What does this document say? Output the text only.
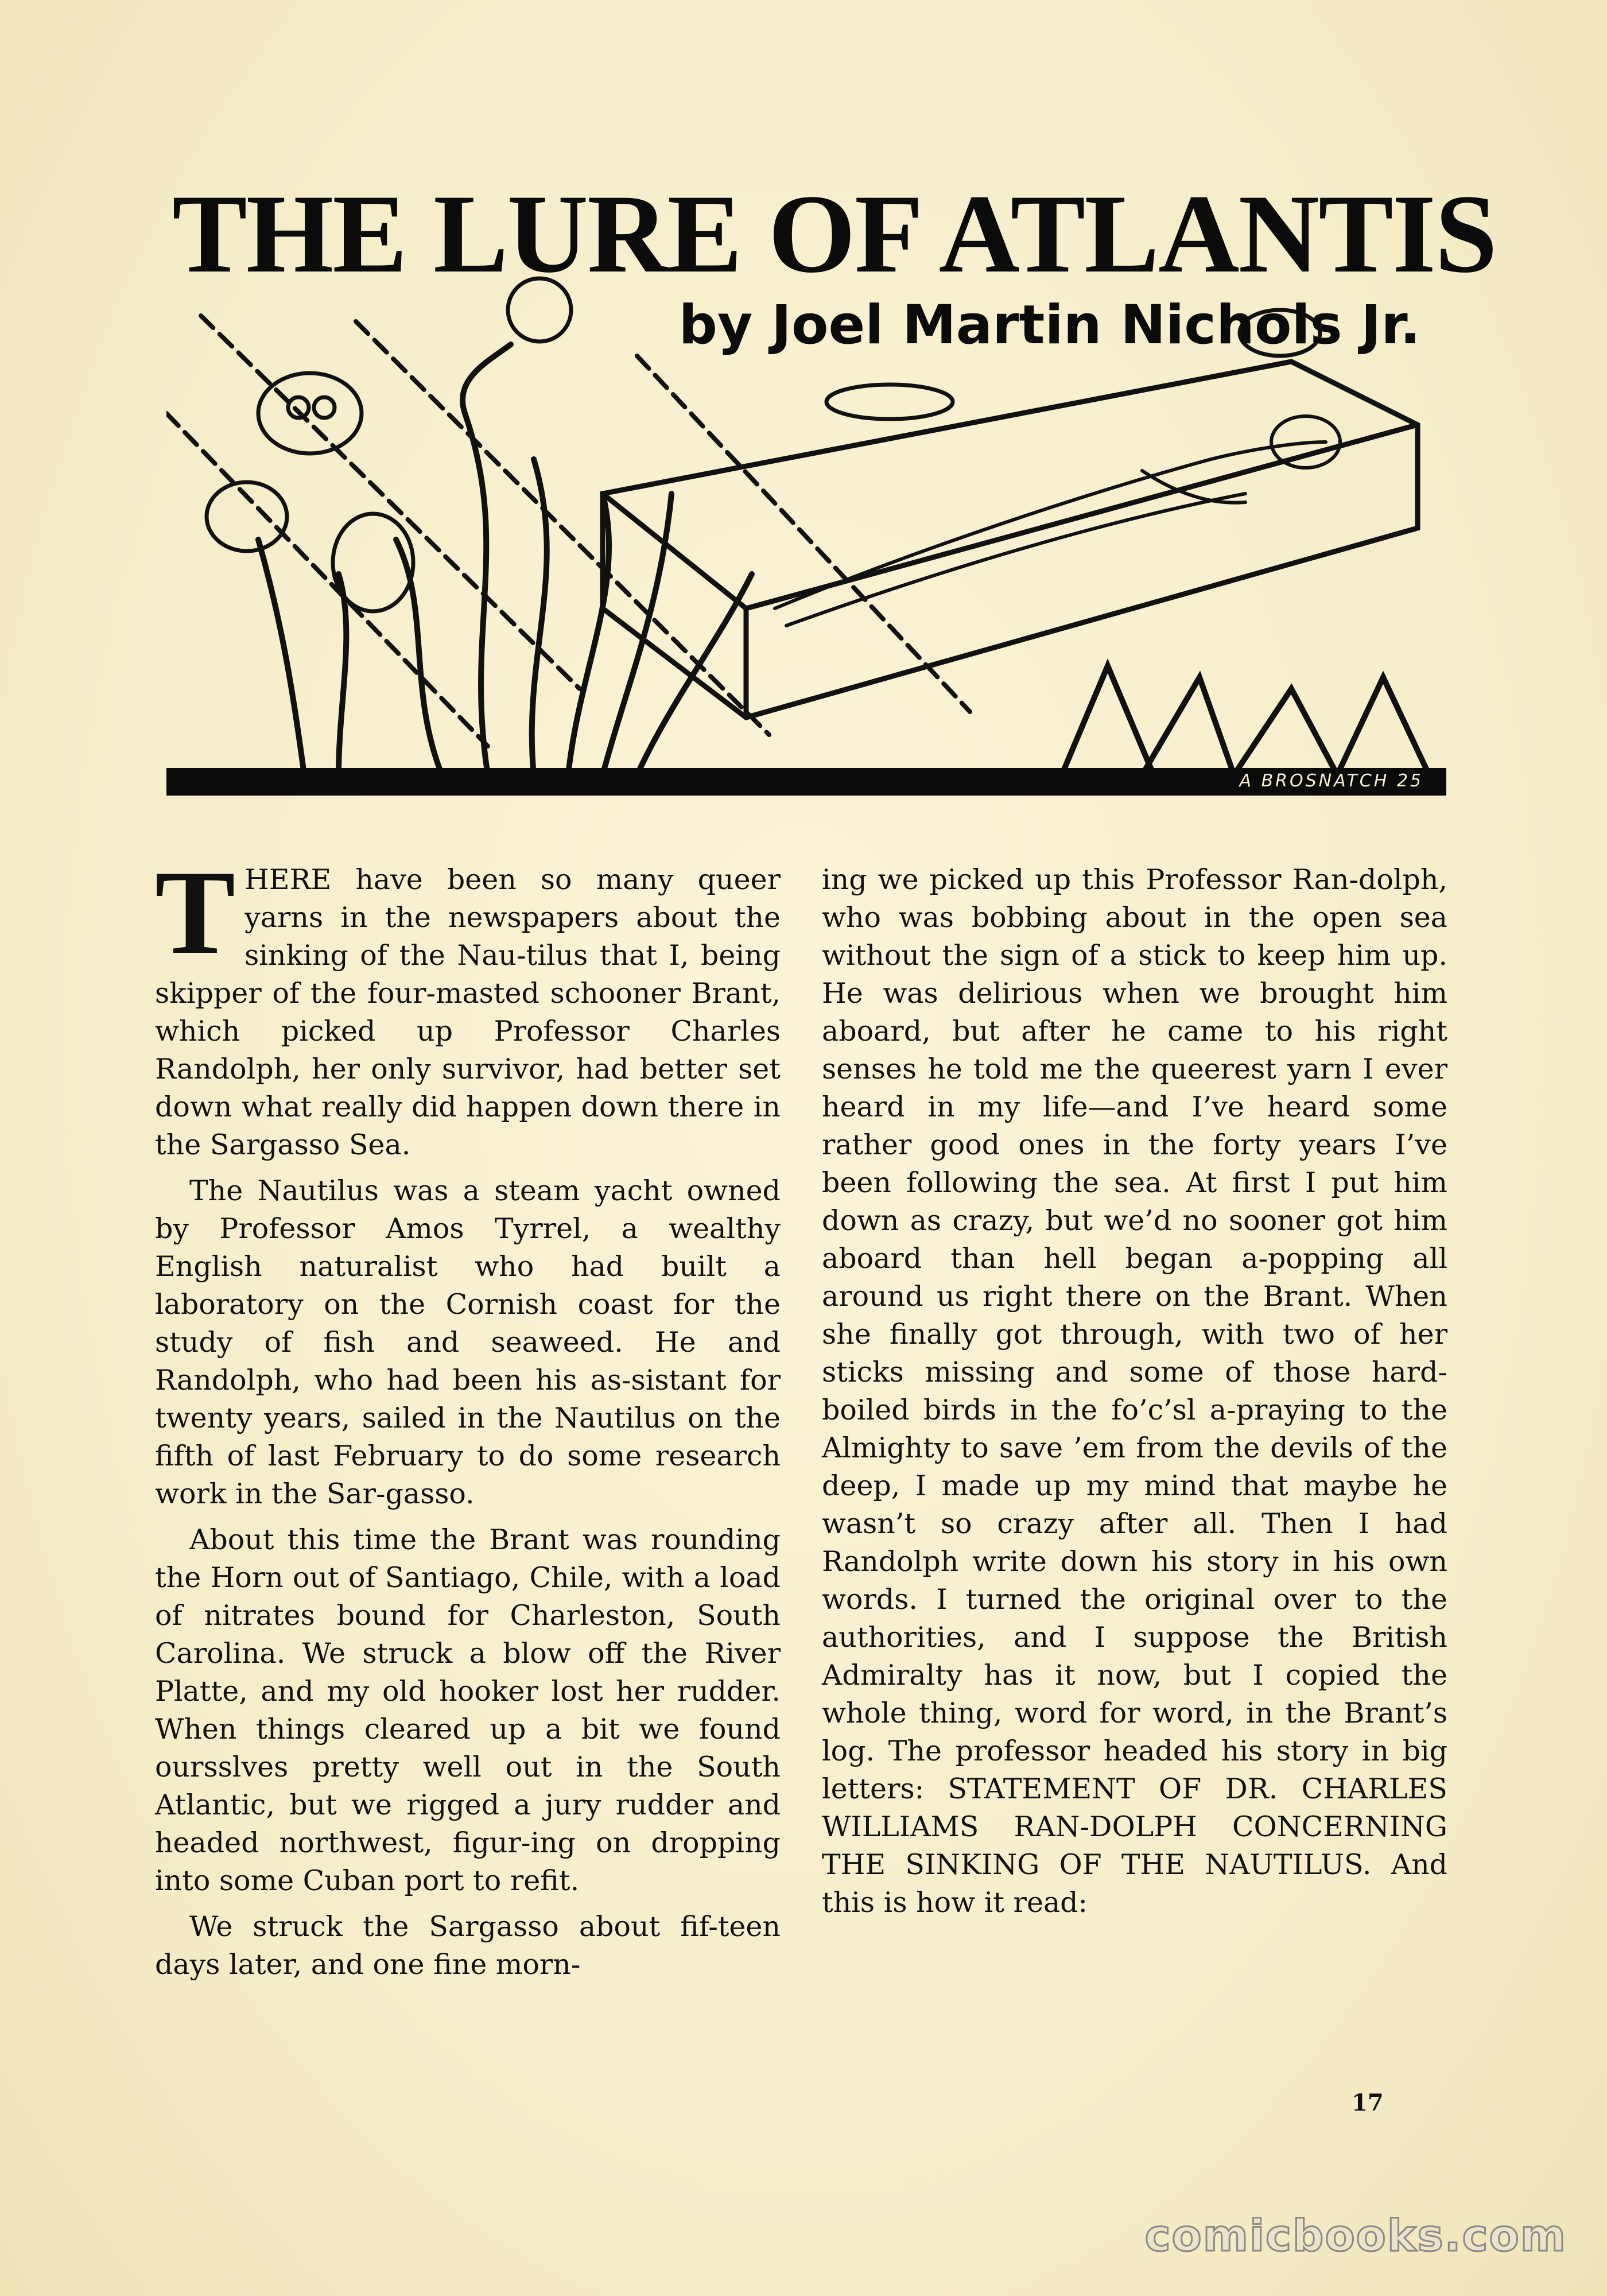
THE LURE OF ATLANTIS
by Joel Martin Nichols Jr.
A BROSNATCH 25

THERE have been so many queer yarns in the newspapers about the sinking of the Nau-tilus that I, being skipper of the four-masted schooner Brant, which picked up Professor Charles Randolph, her only survivor, had better set down what really did happen down there in the Sargasso Sea.

The Nautilus was a steam yacht owned by Professor Amos Tyrrel, a wealthy English naturalist who had built a laboratory on the Cornish coast for the study of fish and seaweed. He and Randolph, who had been his as-sistant for twenty years, sailed in the Nautilus on the fifth of last February to do some research work in the Sar-gasso.

About this time the Brant was rounding the Horn out of Santiago, Chile, with a load of nitrates bound for Charleston, South Carolina. We struck a blow off the River Platte, and my old hooker lost her rudder. When things cleared up a bit we found oursslves pretty well out in the South Atlantic, but we rigged a jury rudder and headed northwest, figur-ing on dropping into some Cuban port to refit.

We struck the Sargasso about fif-teen days later, and one fine morn-

ing we picked up this Professor Ran-dolph, who was bobbing about in the open sea without the sign of a stick to keep him up. He was delirious when we brought him aboard, but after he came to his right senses he told me the queerest yarn I ever heard in my life—and I’ve heard some rather good ones in the forty years I’ve been following the sea. At first I put him down as crazy, but we’d no sooner got him aboard than hell began a-popping all around us right there on the Brant. When she finally got through, with two of her sticks missing and some of those hard-boiled birds in the fo’c’sl a-praying to the Almighty to save ’em from the devils of the deep, I made up my mind that maybe he wasn’t so crazy after all. Then I had Randolph write down his story in his own words. I turned the original over to the authorities, and I suppose the British Admiralty has it now, but I copied the whole thing, word for word, in the Brant’s log. The professor headed his story in big letters: STATEMENT OF DR. CHARLES WILLIAMS RAN-DOLPH CONCERNING THE SINKING OF THE NAUTILUS. And this is how it read:

17
comicbooks.com
